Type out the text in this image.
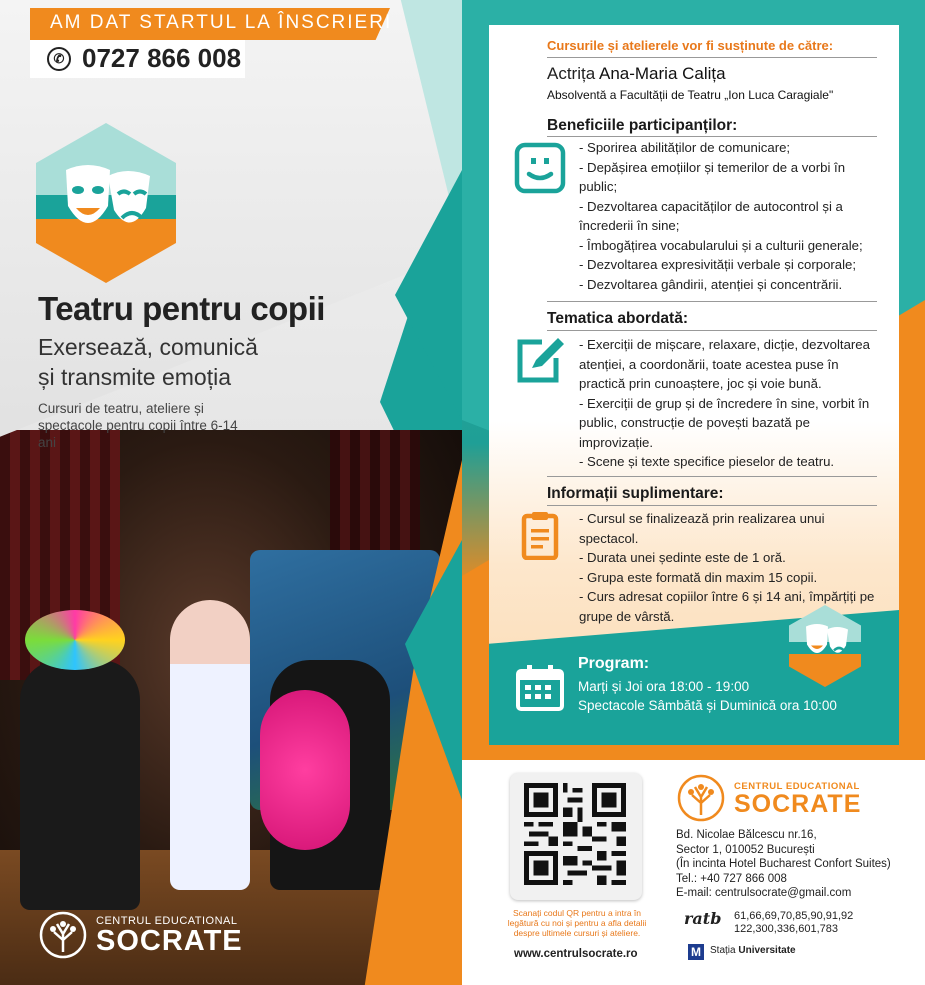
AM DAT STARTUL LA ÎNSCRIERI
✆ 0727 866 008
Teatru pentru copii
Exersează, comunică
și transmite emoția
Cursuri de teatru, ateliere și spectacole pentru copii între 6-14 ani
CENTRUL EDUCATIONAL
SOCRATE
Cursurile și atelierele vor fi susținute de către:
Actrița Ana-Maria Calița
Absolventă a Facultății de Teatru „Ion Luca Caragiale"
Beneficiile participanților:
- Sporirea abilităților de comunicare;
- Depășirea emoțiilor și temerilor de a vorbi în public;
- Dezvoltarea capacităților de autocontrol și a încrederii în sine;
- Îmbogățirea vocabularului și a culturii generale;
- Dezvoltarea expresivității verbale și corporale;
- Dezvoltarea gândirii, atenției și concentrării.
Tematica abordată:
- Exerciții de mișcare, relaxare, dicție, dezvoltarea atenției, a coordonării, toate acestea puse în practică prin cunoaștere, joc și voie bună.
- Exerciții de grup și de încredere în sine, vorbit în public, construcție de povești bazată pe improvizație.
- Scene și texte specifice pieselor de teatru.
Informații suplimentare:
- Cursul se finalizează prin realizarea unui spectacol.
- Durata unei ședinte este de 1 oră.
- Grupa este formată din maxim 15 copii.
- Curs adresat copiilor între 6 și 14 ani, împărțiți pe grupe de vârstă.
Program:
Marți și Joi ora 18:00 - 19:00
Spectacole Sâmbătă și Duminică ora 10:00
Scanați codul QR pentru a intra în legătură cu noi și pentru a afla detalii despre ultimele cursuri și ateliere.
www.centrulsocrate.ro
CENTRUL EDUCATIONAL
SOCRATE
Bd. Nicolae Bălcescu nr.16,
Sector 1, 010052 București
(În incinta Hotel Bucharest Confort Suites)
Tel.: +40 727 866 008
E-mail: centrulsocrate@gmail.com
ratb 61,66,69,70,85,90,91,92
122,300,336,601,783
M Stația Universitate
